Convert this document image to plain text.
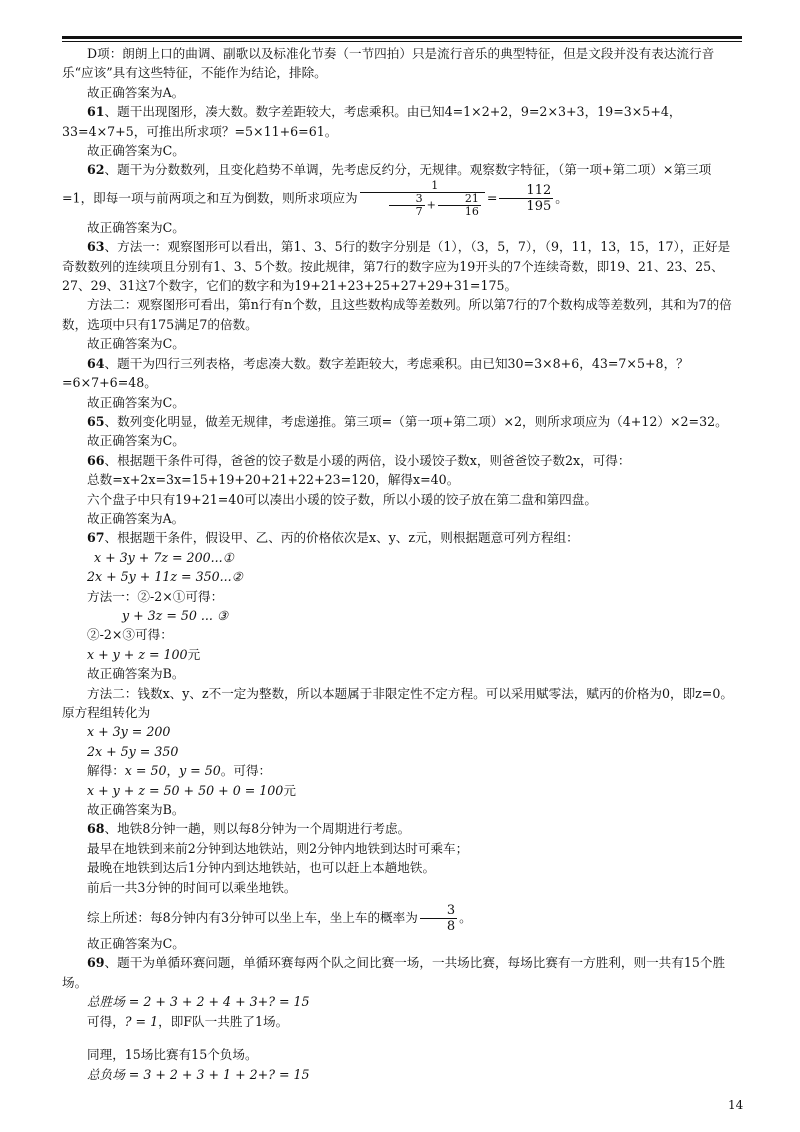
D项：朗朗上口的曲调、副歌以及标准化节奏（一节四拍）只是流行音乐的典型特征，但是文段并没有表达流行音乐“应该”具有这些特征，不能作为结论，排除。

故正确答案为A。

61、题干出现图形，凑大数。数字差距较大，考虑乘积。由已知4=1×2+2，9=2×3+3，19=3×5+4，33=4×7+5，可推出所求项？=5×11+6=61。

故正确答案为C。

62、题干为分数数列，且变化趋势不单调，先考虑反约分，无规律。观察数字特征，（第一项+第二项）×第三项=1，即每一项与前两项之和互为倒数，则所求项应为 $\frac{1}{\frac{3}{7} + \frac{21}{16}} = \frac{112}{195}$ 。

故正确答案为C。

63、方法一：观察图形可以看出，第1、3、5行的数字分别是（1），（3，5，7），（9，11，13，15，17），正好是奇数数列的连续项且分别有1、3、5个数。按此规律，第7行的数字应为19开头的7个连续奇数，即19、21、23、25、27、29、31这7个数字，它们的数字和为19+21+23+25+27+29+31=175。

方法二：观察图形可看出，第n行有n个数，且这些数构成等差数列。所以第7行的7个数构成等差数列，其和为7的倍数，选项中只有175满足7的倍数。

故正确答案为C。

64、题干为四行三列表格，考虑凑大数。数字差距较大，考虑乘积。由已知30=3×8+6，43=7×5+8，？=6×7+6=48。

故正确答案为C。

65、数列变化明显，做差无规律，考虑递推。第三项=（第一项+第二项）×2，则所求项应为（4+12）×2=32。

故正确答案为C。

66、根据题干条件可得，爸爸的饺子数是小瑗的两倍，设小瑗饺子数x，则爸爸饺子数2x，可得：

总数=x+2x=3x=15+19+20+21+22+23=120，解得x=40。

六个盘子中只有19+21=40可以凑出小瑗的饺子数，所以小瑗的饺子放在第二盘和第四盘。

故正确答案为A。

67、根据题干条件，假设甲、乙、丙的价格依次是x、y、z元，则根据题意可列方程组：

x + 3y + 7z = 200...①

2x + 5y + 11z = 350...②

方法一：②-2×①可得：

y + 3z = 50 ... ③

②-2×③可得：

x + y + z = 100元

故正确答案为B。

方法二：钱数x、y、z不一定为整数，所以本题属于非限定性不定方程。可以采用赋零法，赋丙的价格为0，即z=0。原方程组转化为

x + 3y = 200

2x + 5y = 350

解得：x = 50，y = 50。可得：

x + y + z = 50 + 50 + 0 = 100元

故正确答案为B。

68、地铁8分钟一趟，则以每8分钟为一个周期进行考虑。

最早在地铁到来前2分钟到达地铁站，则2分钟内地铁到达时可乘车；

最晚在地铁到达后1分钟内到达地铁站，也可以赶上本趟地铁。

前后一共3分钟的时间可以乘坐地铁。

综上所述：每8分钟内有3分钟可以坐上车，坐上车的概率为 $\frac{3}{8}$ 。

故正确答案为C。

69、题干为单循环赛问题，单循环赛每两个队之间比赛一场，一共场比赛，每场比赛有一方胜利，则一共有15个胜场。

总胜场 = 2 + 3 + 2 + 4 + 3+? = 15

可得，? = 1，即F队一共胜了1场。

同理，15场比赛有15个负场。

总负场 = 3 + 2 + 3 + 1 + 2+? = 15

14
